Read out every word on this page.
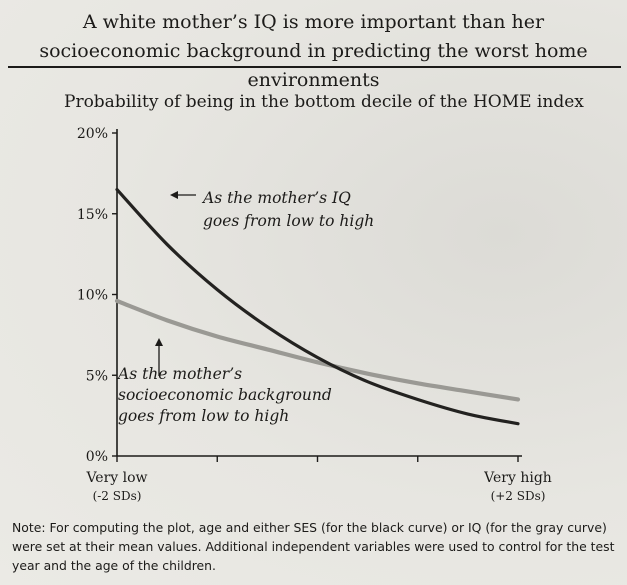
A white mother’s IQ is more important than her socioeconomic background in predicting the worst home environments
Probability of being in the bottom decile of the HOME index
0%
5%
10%
15%
20%
Very low
(-2 SDs)
Very high
(+2 SDs)
As the mother’s IQ
goes from low to high
As the mother’s
socioeconomic background
goes from low to high
Note: For computing the plot, age and either SES (for the black curve) or IQ (for the gray curve) were set at their mean values. Additional independent variables were used to control for the test year and the age of the children.
